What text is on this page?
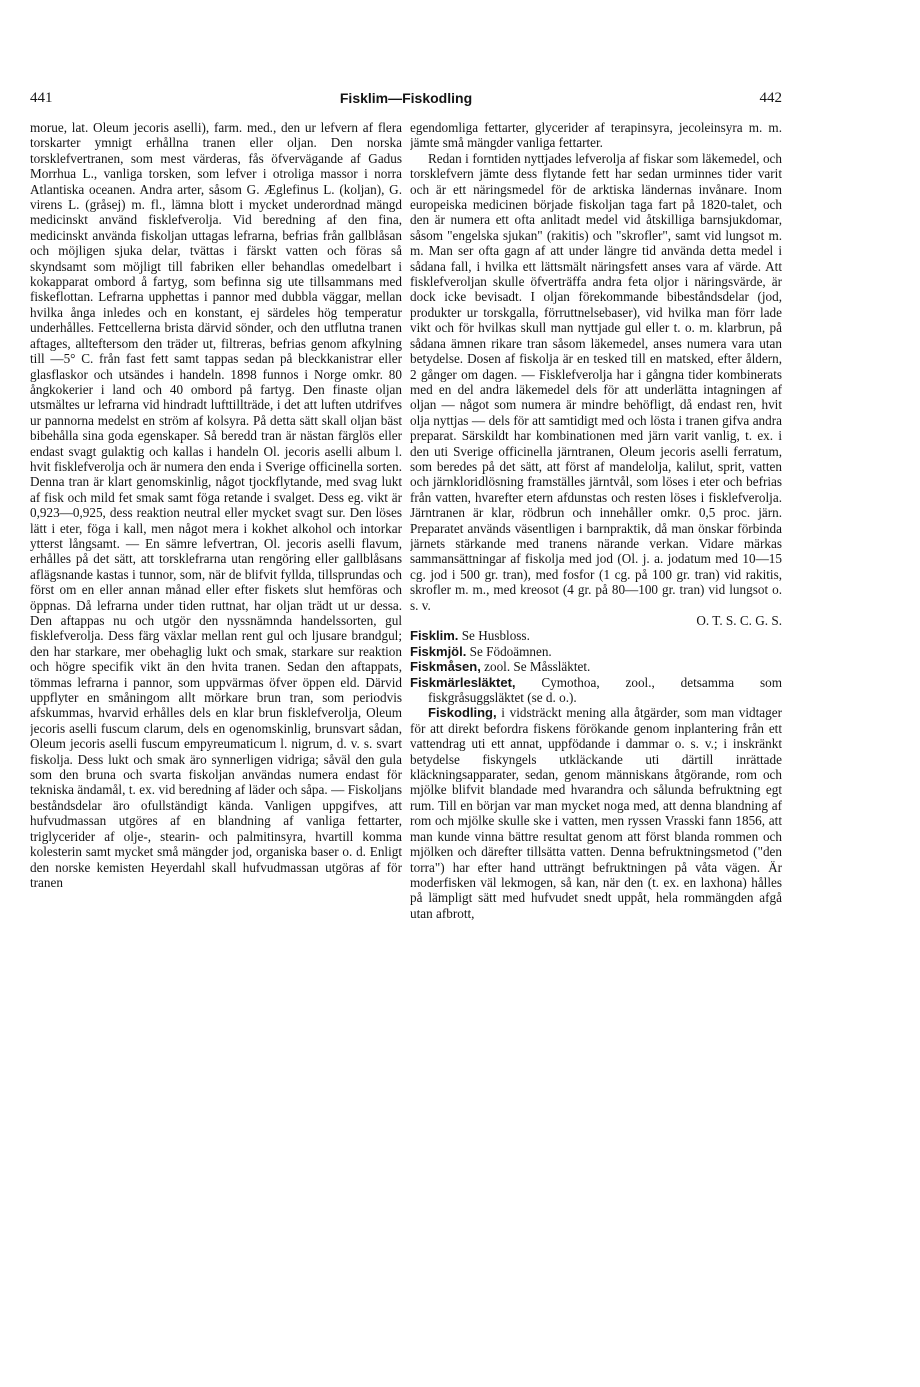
441	Fisklim—Fiskodling	442

morue, lat. Oleum jecoris aselli), farm. med., den ur lefvern af flera torskarter ymnigt erhållna tranen eller oljan. Den norska torsklefvertranen, som mest värderas, fås öfvervägande af Gadus Morrhua L., vanliga torsken, som lefver i otroliga massor i norra Atlantiska oceanen. Andra arter, såsom G. Æglefinus L. (koljan), G. virens L. (gråsej) m. fl., lämna blott i mycket underordnad mängd medicinskt använd fisklefverolja. Vid beredning af den fina, medicinskt använda fiskoljan uttagas lefrarna, befrias från gallblåsan och möjligen sjuka delar, tvättas i färskt vatten och föras så skyndsamt som möjligt till fabriken eller behandlas omedelbart i kokapparat ombord å fartyg, som befinna sig ute tillsammans med fiskeflottan. Lefrarna upphettas i pannor med dubbla väggar, mellan hvilka ånga inledes och en konstant, ej särdeles hög temperatur underhålles. Fettcellerna brista därvid sönder, och den utflutna tranen aftages, allteftersom den träder ut, filtreras, befrias genom afkylning till —5° C. från fast fett samt tappas sedan på bleckkanistrar eller glasflaskor och utsändes i handeln. 1898 funnos i Norge omkr. 80 ångkokerier i land och 40 ombord på fartyg. Den finaste oljan utsmältes ur lefrarna vid hindradt lufttillträde, i det att luften utdrifves ur pannorna medelst en ström af kolsyra. På detta sätt skall oljan bäst bibehålla sina goda egenskaper. Så beredd tran är nästan färglös eller endast svagt gulaktig och kallas i handeln Ol. jecoris aselli album l. hvit fisklefverolja och är numera den enda i Sverige officinella sorten. Denna tran är klart genomskinlig, något tjockflytande, med svag lukt af fisk och mild fet smak samt föga retande i svalget. Dess eg. vikt är 0,923—0,925, dess reaktion neutral eller mycket svagt sur. Den löses lätt i eter, föga i kall, men något mera i kokhet alkohol och intorkar ytterst långsamt. — En sämre lefvertran, Ol. jecoris aselli flavum, erhålles på det sätt, att torsklefrarna utan rengöring eller gallblåsans aflägsnande kastas i tunnor, som, när de blifvit fyllda, tillsprundas och först om en eller annan månad eller efter fiskets slut hemföras och öppnas. Då lefrarna under tiden ruttnat, har oljan trädt ut ur dessa. Den aftappas nu och utgör den nyssnämnda handelssorten, gul fisklefverolja. Dess färg växlar mellan rent gul och ljusare brandgul; den har starkare, mer obehaglig lukt och smak, starkare sur reaktion och högre specifik vikt än den hvita tranen. Sedan den aftappats, tömmas lefrarna i pannor, som uppvärmas öfver öppen eld. Därvid uppflyter en småningom allt mörkare brun tran, som periodvis afskummas, hvarvid erhålles dels en klar brun fisklefverolja, Oleum jecoris aselli fuscum clarum, dels en ogenomskinlig, brunsvart sådan, Oleum jecoris aselli fuscum empyreumaticum l. nigrum, d. v. s. svart fiskolja. Dess lukt och smak äro synnerligen vidriga; såväl den gula som den bruna och svarta fiskoljan användas numera endast för tekniska ändamål, t. ex. vid beredning af läder och såpa. — Fiskoljans beståndsdelar äro ofullständigt kända. Vanligen uppgifves, att hufvudmassan utgöres af en blandning af vanliga fettarter, triglycerider af olje-, stearin- och palmitinsyra, hvartill komma kolesterin samt mycket små mängder jod, organiska baser o. d. Enligt den norske kemisten Heyerdahl skall hufvudmassan utgöras af för tranen

egendomliga fettarter, glycerider af terapinsyra, jecoleinsyra m. m. jämte små mängder vanliga fettarter.

Redan i forntiden nyttjades lefverolja af fiskar som läkemedel, och torsklefvern jämte dess flytande fett har sedan urminnes tider varit och är ett näringsmedel för de arktiska ländernas invånare. Inom europeiska medicinen började fiskoljan taga fart på 1820-talet, och den är numera ett ofta anlitadt medel vid åtskilliga barnsjukdomar, såsom "engelska sjukan" (rakitis) och "skrofler", samt vid lungsot m. m. Man ser ofta gagn af att under längre tid använda detta medel i sådana fall, i hvilka ett lättsmält näringsfett anses vara af värde. Att fisklefveroljan skulle öfverträffa andra feta oljor i näringsvärde, är dock icke bevisadt. I oljan förekommande bibeståndsdelar (jod, produkter ur torskgalla, förruttnelsebaser), vid hvilka man förr lade vikt och för hvilkas skull man nyttjade gul eller t. o. m. klarbrun, på sådana ämnen rikare tran såsom läkemedel, anses numera vara utan betydelse. Dosen af fiskolja är en tesked till en matsked, efter åldern, 2 gånger om dagen. — Fisklefverolja har i gångna tider kombinerats med en del andra läkemedel dels för att underlätta intagningen af oljan — något som numera är mindre behöfligt, då endast ren, hvit olja nyttjas — dels för att samtidigt med och lösta i tranen gifva andra preparat. Särskildt har kombinationen med järn varit vanlig, t. ex. i den uti Sverige officinella järntranen, Oleum jecoris aselli ferratum, som beredes på det sätt, att först af mandelolja, kalilut, sprit, vatten och järnkloridlösning framställes järntvål, som löses i eter och befrias från vatten, hvarefter etern afdunstas och resten löses i fisklefverolja. Järntranen är klar, rödbrun och innehåller omkr. 0,5 proc. järn. Preparatet används väsentligen i barnpraktik, då man önskar förbinda järnets stärkande med tranens närande verkan. Vidare märkas sammansättningar af fiskolja med jod (Ol. j. a. jodatum med 10—15 cg. jod i 500 gr. tran), med fosfor (1 cg. på 100 gr. tran) vid rakitis, skrofler m. m., med kreosot (4 gr. på 80—100 gr. tran) vid lungsot o. s. v.

O. T. S. C. G. S.

Fisklim. Se Husbloss.

Fiskmjöl. Se Födoämnen.

Fiskmåsen, zool. Se Måssläktet.

Fiskmärlesläktet, Cymothoa, zool., detsamma som fiskgråsuggsläktet (se d. o.).

Fiskodling, i vidsträckt mening alla åtgärder, som man vidtager för att direkt befordra fiskens förökande genom inplantering från ett vattendrag uti ett annat, uppfödande i dammar o. s. v.; i inskränkt betydelse fiskyngels utkläckande uti därtill inrättade kläckningsapparater, sedan, genom människans åtgörande, rom och mjölke blifvit blandade med hvarandra och sålunda befruktning egt rum. Till en början var man mycket noga med, att denna blandning af rom och mjölke skulle ske i vatten, men ryssen Vrasski fann 1856, att man kunde vinna bättre resultat genom att först blanda rommen och mjölken och därefter tillsätta vatten. Denna befruktningsmetod ("den torra") har efter hand utträngt befruktningen på våta vägen. Är moderfisken väl lekmogen, så kan, när den (t. ex. en laxhona) hålles på lämpligt sätt med hufvudet snedt uppåt, hela rommängden afgå utan afbrott,
